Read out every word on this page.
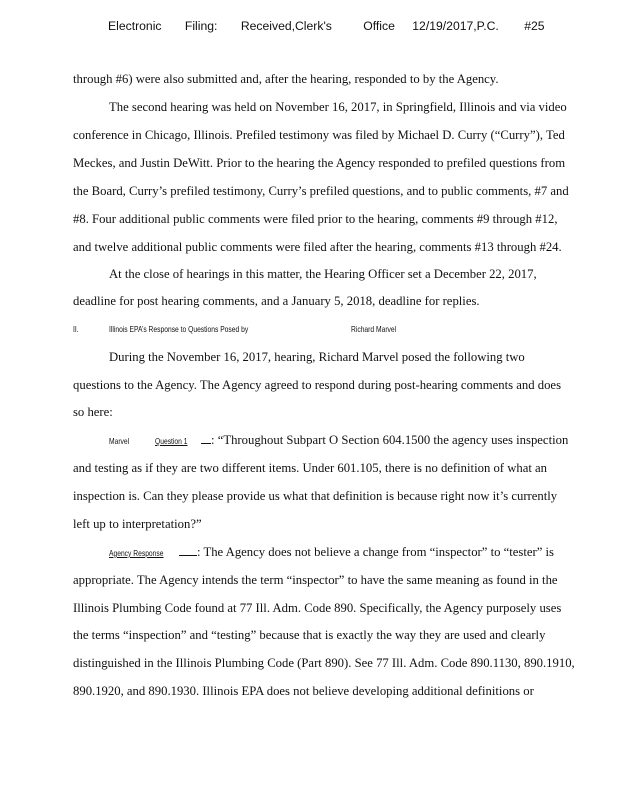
Electronic Filing: Received,Clerk's	Office 12/19/2017,P.C. #25
through #6) were also submitted and, after the hearing, responded to by the Agency.
The second hearing was held on November 16, 2017, in Springfield, Illinois and via video
conference in Chicago, Illinois. Prefiled testimony was filed by Michael D. Curry (“Curry”), Ted
Meckes, and Justin DeWitt. Prior to the hearing the Agency responded to prefiled questions from
the Board, Curry’s prefiled testimony, Curry’s prefiled questions, and to public comments, #7 and
#8. Four additional public comments were filed prior to the hearing, comments #9 through #12,
and twelve additional public comments were filed after the hearing, comments #13 through #24.
At the close of hearings in this matter, the Hearing Officer set a December 22, 2017,
deadline for post hearing comments, and a January 5, 2018, deadline for replies.
II.	Illinois EPA’s Response to Questions Posed by	Richard Marvel
During the November 16, 2017, hearing, Richard Marvel posed the following two
questions to the Agency. The Agency agreed to respond during post-hearing comments and does
so here:
Marvel	Question 1 : “Throughout Subpart O Section 604.1500 the agency uses inspection
and testing as if they are two different items. Under 601.105, there is no definition of what an
inspection is. Can they please provide us what that definition is because right now it’s currently
left up to interpretation?”
Agency Response	: The Agency does not believe a change from “inspector” to “tester” is
appropriate. The Agency intends the term “inspector” to have the same meaning as found in the
Illinois Plumbing Code found at 77 Ill. Adm. Code 890. Specifically, the Agency purposely uses
the terms “inspection” and “testing” because that is exactly the way they are used and clearly
distinguished in the Illinois Plumbing Code (Part 890). See 77 Ill. Adm. Code 890.1130, 890.1910,
890.1920, and 890.1930. Illinois EPA does not believe developing additional definitions or
